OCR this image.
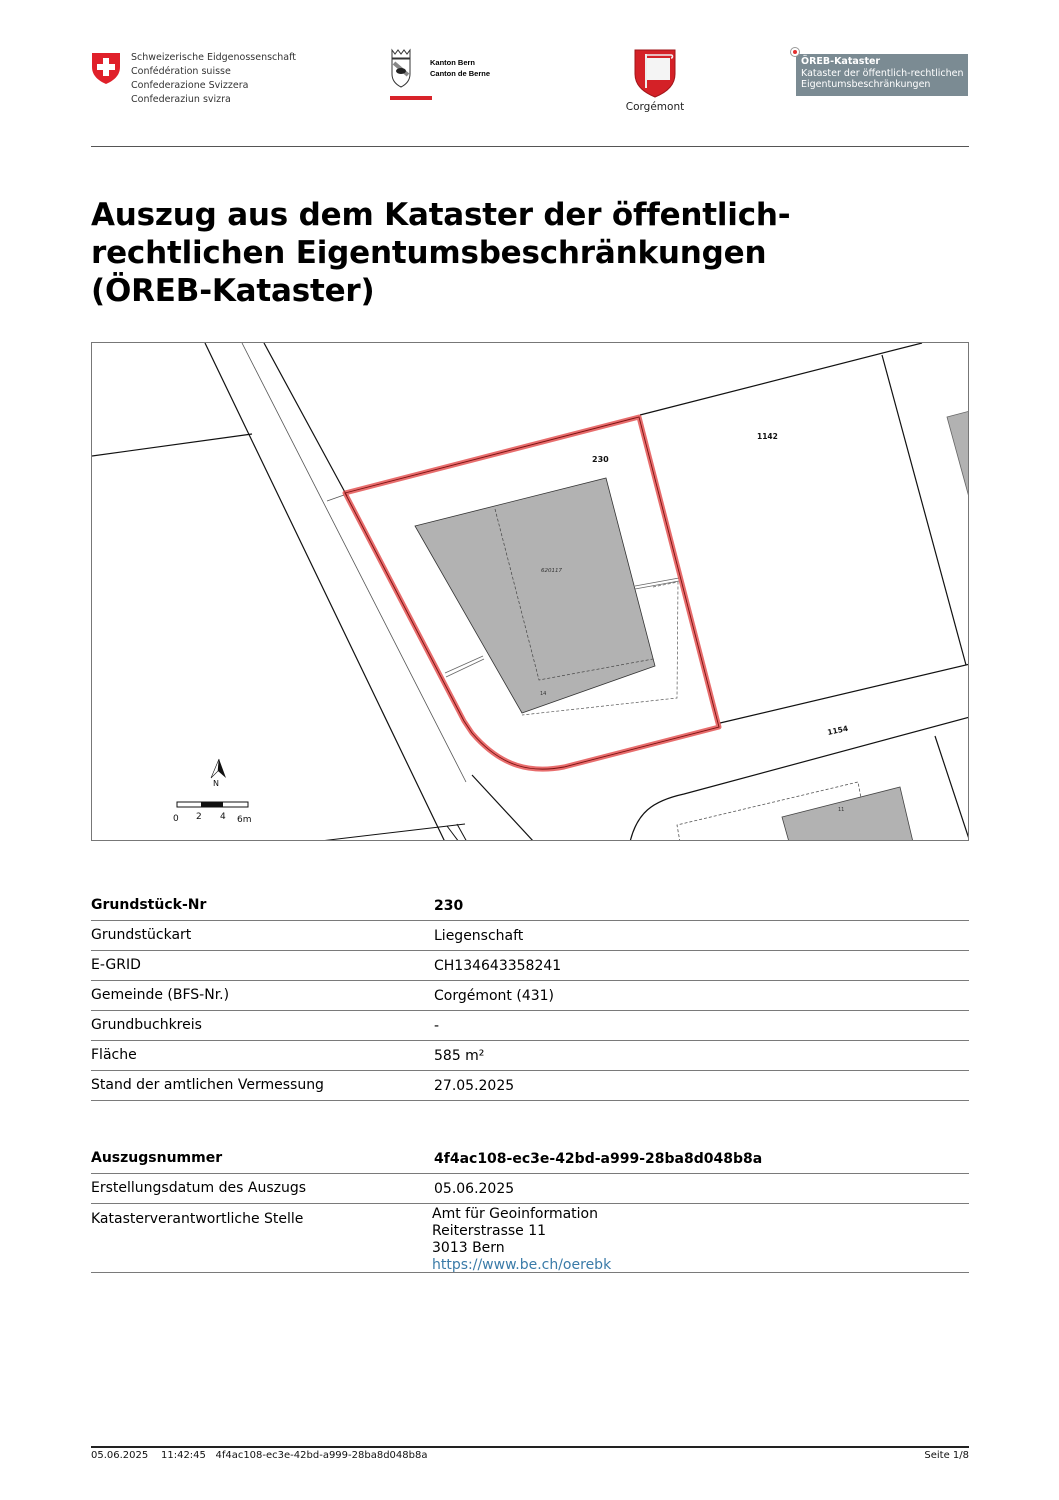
Schweizerische Eidgenossenschaft
Confédération suisse
Confederazione Svizzera
Confederaziun svizra
Kanton Bern
Canton de Berne
Corgémont
ÖREB-Kataster
Kataster der öffentlich-rechtlichen
Eigentumsbeschränkungen
Auszug aus dem Kataster der öffentlich-
rechtlichen Eigentumsbeschränkungen
(ÖREB-Kataster)
11
620117
14
230
1142
1154
N
0 2 4 6m
Grundstück-Nr	230
Grundstückart	Liegenschaft
E-GRID	CH134643358241
Gemeinde (BFS-Nr.)	Corgémont (431)
Grundbuchkreis	-
Fläche	585 m²
Stand der amtlichen Vermessung	27.05.2025
Auszugsnummer	4f4ac108-ec3e-42bd-a999-28ba8d048b8a
Erstellungsdatum des Auszugs	05.06.2025
Katasterverantwortliche Stelle	Amt für Geoinformation
Reiterstrasse 11
3013 Bern
https://www.be.ch/oerebk
05.06.2025 11:42:45 4f4ac108-ec3e-42bd-a999-28ba8d048b8a	Seite 1/8
